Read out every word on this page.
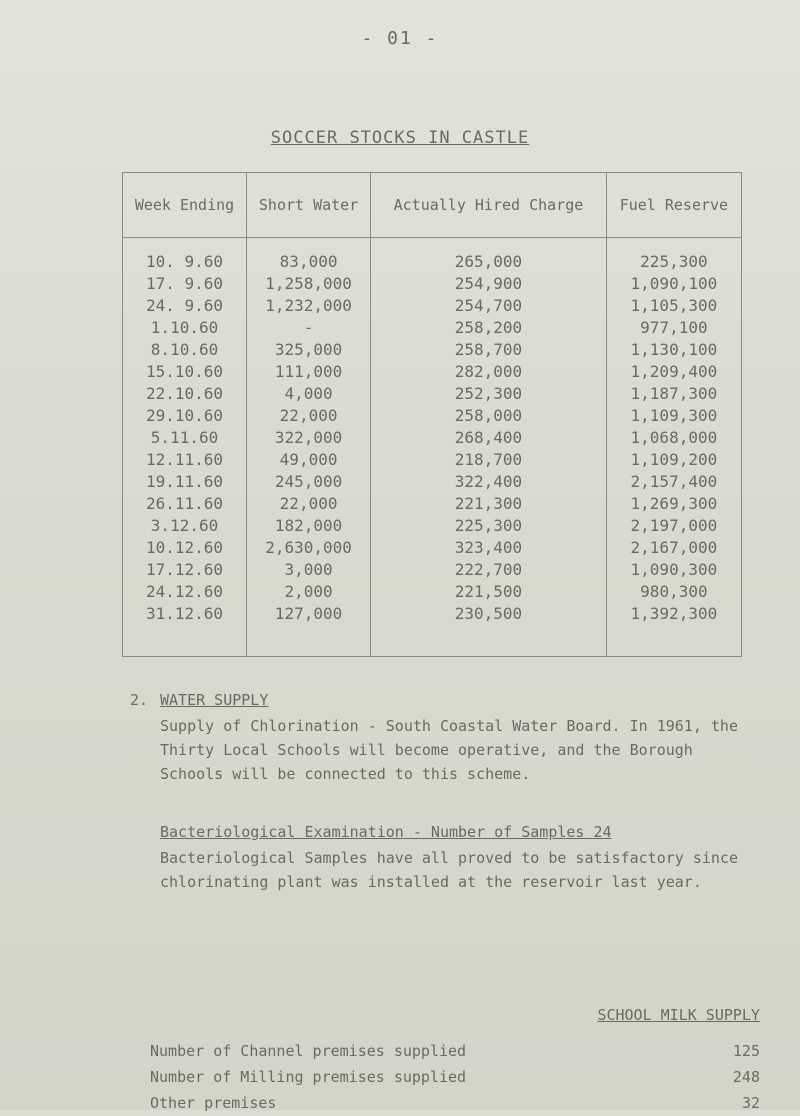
- 01 -
SOCCER STOCKS IN CASTLE
Week Ending	Short Water	Actually Hired Charge	Fuel Reserve
10. 9.60	83,000	265,000	225,300
17. 9.60	1,258,000	254,900	1,090,100
24. 9.60	1,232,000	254,700	1,105,300
1.10.60	-	258,200	977,100
8.10.60	325,000	258,700	1,130,100
15.10.60	111,000	282,000	1,209,400
22.10.60	4,000	252,300	1,187,300
29.10.60	22,000	258,000	1,109,300
5.11.60	322,000	268,400	1,068,000
12.11.60	49,000	218,700	1,109,200
19.11.60	245,000	322,400	2,157,400
26.11.60	22,000	221,300	1,269,300
3.12.60	182,000	225,300	2,197,000
10.12.60	2,630,000	323,400	2,167,000
17.12.60	3,000	222,700	1,090,300
24.12.60	2,000	221,500	980,300
31.12.60	127,000	230,500	1,392,300

2. WATER SUPPLY

Supply of Chlorination - South Coastal Water Board. In 1961, the Thirty Local Schools will become operative, and the Borough Schools will be connected to this scheme.

Bacteriological Examination - Number of Samples 24

Bacteriological Samples have all proved to be satisfactory since chlorinating plant was installed at the reservoir last year.

SCHOOL MILK SUPPLY
Number of Channel premises supplied	125
Number of Milling premises supplied	248
Other premises	32
